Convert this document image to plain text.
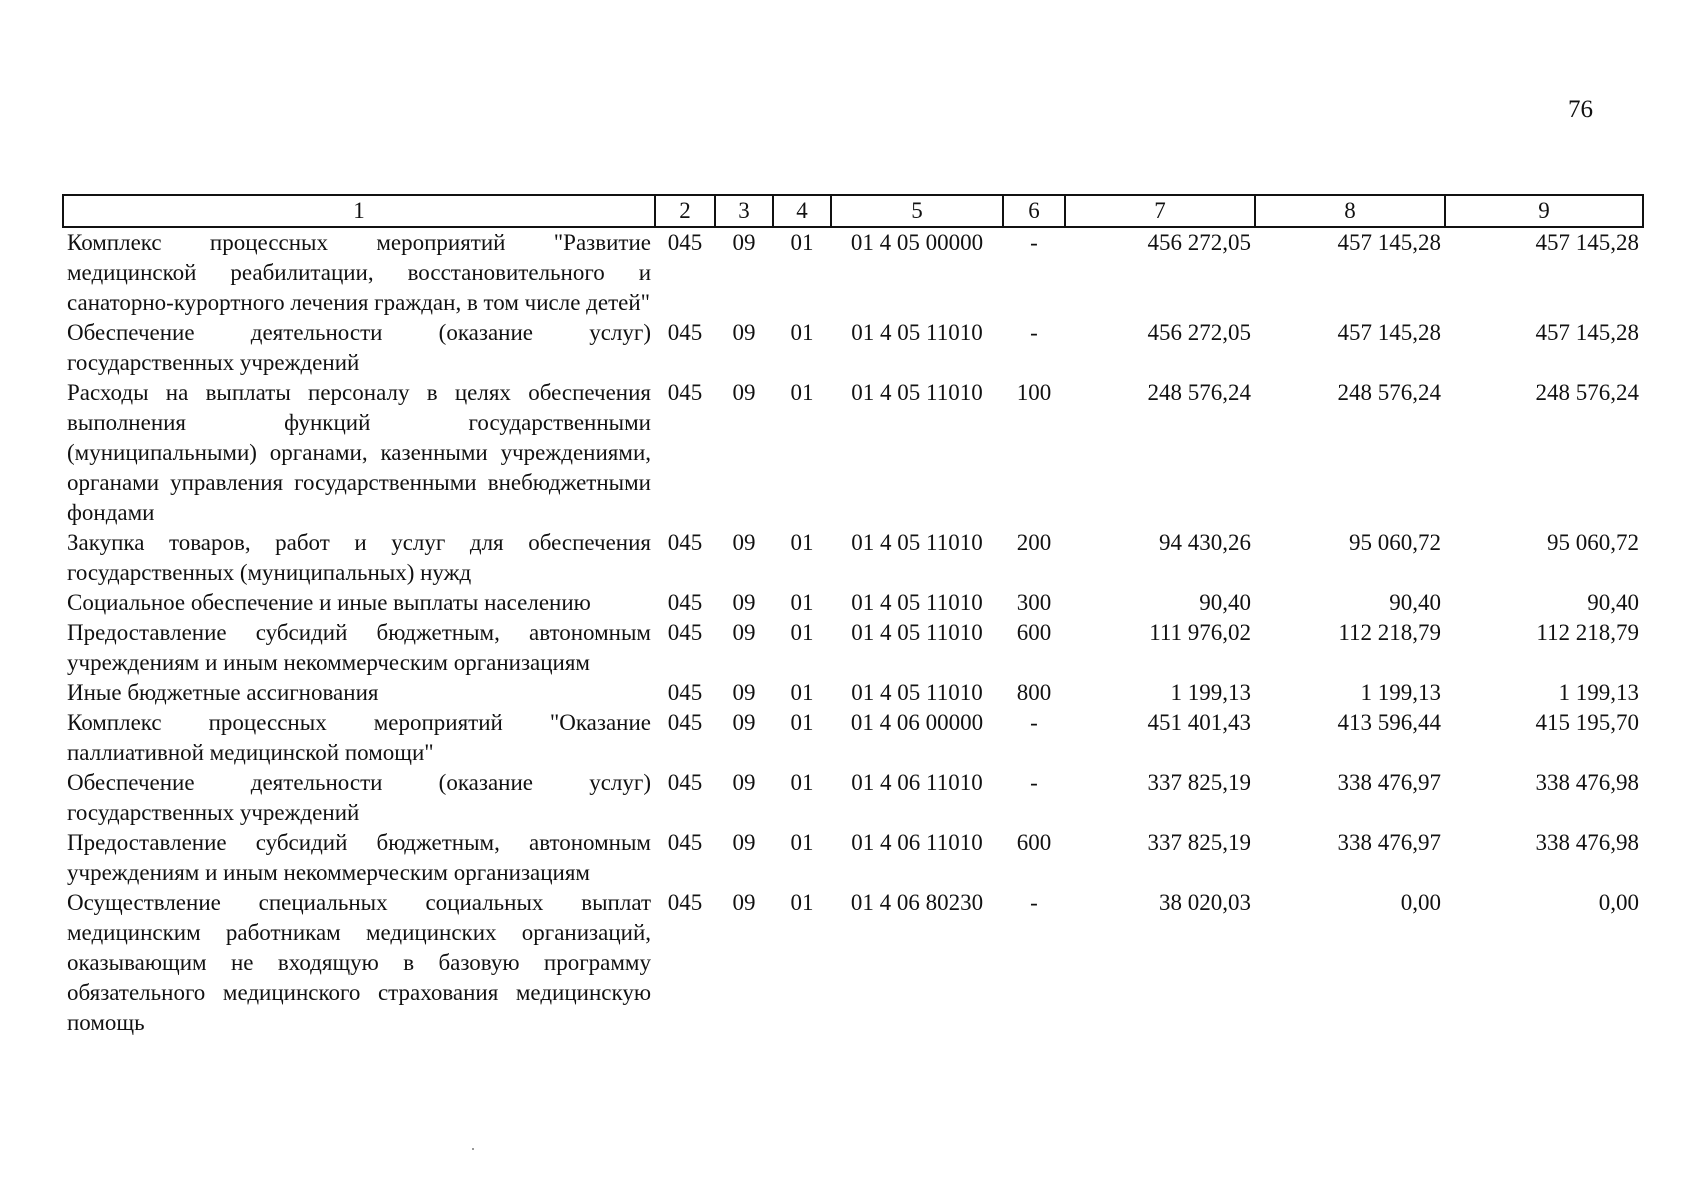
76
1	2	3	4	5	6	7	8	9
Комплекс процессных мероприятий "Развитие медицинской реабилитации, восстановительного и санаторно-курортного лечения граждан, в том числе детей"	045	09	01	01 4 05 00000	-	456 272,05	457 145,28	457 145,28
Обеспечение деятельности (оказание услуг) государственных учреждений	045	09	01	01 4 05 11010	-	456 272,05	457 145,28	457 145,28
Расходы на выплаты персоналу в целях обеспечения выполнения функций государственными (муниципальными) органами, казенными учреждениями, органами управления государственными внебюджетными фондами	045	09	01	01 4 05 11010	100	248 576,24	248 576,24	248 576,24
Закупка товаров, работ и услуг для обеспечения государственных (муниципальных) нужд	045	09	01	01 4 05 11010	200	94 430,26	95 060,72	95 060,72
Социальное обеспечение и иные выплаты населению	045	09	01	01 4 05 11010	300	90,40	90,40	90,40
Предоставление субсидий бюджетным, автономным учреждениям и иным некоммерческим организациям	045	09	01	01 4 05 11010	600	111 976,02	112 218,79	112 218,79
Иные бюджетные ассигнования	045	09	01	01 4 05 11010	800	1 199,13	1 199,13	1 199,13
Комплекс процессных мероприятий "Оказание паллиативной медицинской помощи"	045	09	01	01 4 06 00000	-	451 401,43	413 596,44	415 195,70
Обеспечение деятельности (оказание услуг) государственных учреждений	045	09	01	01 4 06 11010	-	337 825,19	338 476,97	338 476,98
Предоставление субсидий бюджетным, автономным учреждениям и иным некоммерческим организациям	045	09	01	01 4 06 11010	600	337 825,19	338 476,97	338 476,98
Осуществление специальных социальных выплат медицинским работникам медицинских организаций, оказывающим не входящую в базовую программу обязательного медицинского страхования медицинскую помощь	045	09	01	01 4 06 80230	-	38 020,03	0,00	0,00
